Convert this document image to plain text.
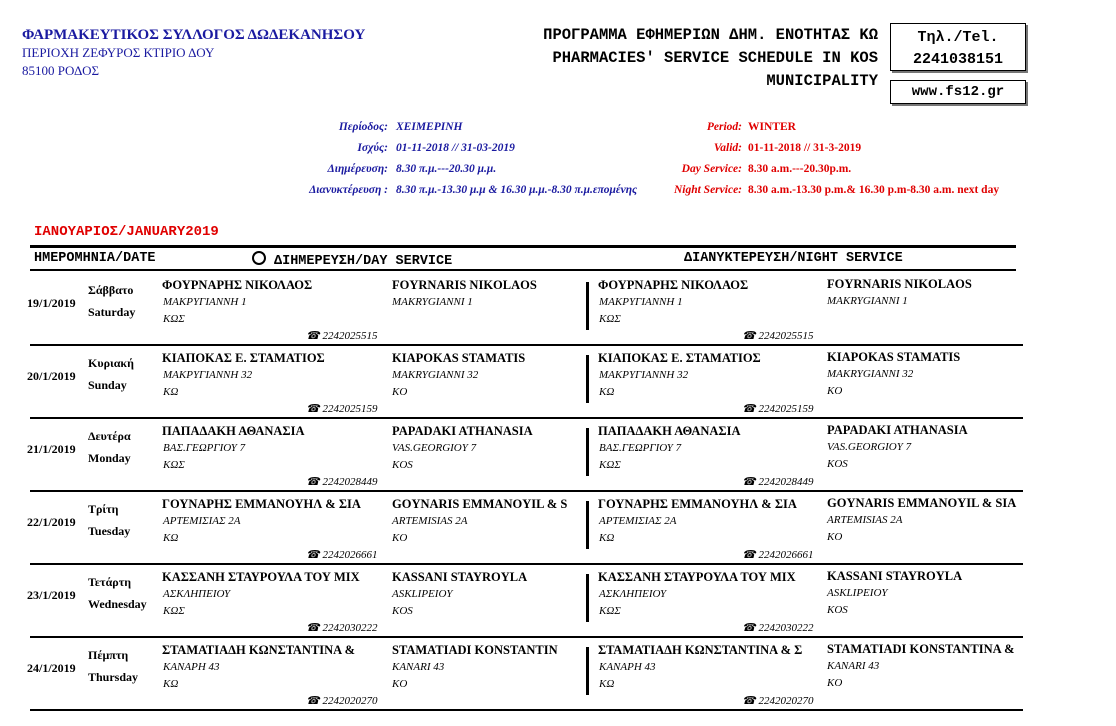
ΦΑΡΜΑΚΕΥΤΙΚΟΣ ΣΥΛΛΟΓΟΣ ΔΩΔΕΚΑΝΗΣΟΥ
ΠΕΡΙΟΧΗ ΖΕΦΥΡΟΣ ΚΤΙΡΙΟ ΔΟΥ
85100 ΡΟΔΟΣ
ΠΡΟΓΡΑΜΜΑ ΕΦΗΜΕΡΙΩΝ ΔΗΜ. ΕΝΟΤΗΤΑΣ ΚΩ
PHARMACIES' SERVICE SCHEDULE IN KOS
MUNICIPALITY
Τηλ./Tel.
2241038151
www.fs12.gr
Περίοδος:
Ισχύς:
Διημέρευση:
Διανυκτέρευση :
ΧΕΙΜΕΡΙΝΗ
01-11-2018 // 31-03-2019
8.30 π.μ.---20.30 μ.μ.
8.30 π.μ.-13.30 μ.μ & 16.30 μ.μ.-8.30 π.μ.επομένης
Period:
Valid:
Day Service:
Night Service:
WINTER
01-11-2018 // 31-3-2019
8.30 a.m.---20.30p.m.
8.30 a.m.-13.30 p.m.& 16.30 p.m-8.30 a.m. next day
ΙΑΝΟΥΑΡΙΟΣ/JANUARY2019
ΗΜΕΡΟΜΗΝΙΑ/DATE	ΔΙΗΜΕΡΕΥΣΗ/DAY SERVICE	ΔΙΑΝΥΚΤΕΡΕΥΣΗ/NIGHT SERVICE
19/1/2019
Σάββατο
Saturday
ΦΟΥΡΝΑΡΗΣ ΝΙΚΟΛΑΟΣ
ΜΑΚΡΥΓΙΑΝΝΗ 1
ΚΩΣ
FOYRNARIS NIKOLAOS
MAKRYGIANNI 1
☎ 2242025515
ΦΟΥΡΝΑΡΗΣ ΝΙΚΟΛΑΟΣ
ΜΑΚΡΥΓΙΑΝΝΗ 1
ΚΩΣ
FOYRNARIS NIKOLAOS
MAKRYGIANNI 1
☎ 2242025515
20/1/2019
Κυριακή
Sunday
ΚΙΑΠΟΚΑΣ Ε. ΣΤΑΜΑΤΙΟΣ
ΜΑΚΡΥΓΙΑΝΝΗ 32
ΚΩ
KIAPOKAS STAMATIS
MAKRYGIANNI 32
KO
☎ 2242025159
ΚΙΑΠΟΚΑΣ Ε. ΣΤΑΜΑΤΙΟΣ
ΜΑΚΡΥΓΙΑΝΝΗ 32
ΚΩ
KIAPOKAS STAMATIS
MAKRYGIANNI 32
KO
☎ 2242025159
21/1/2019
Δευτέρα
Monday
ΠΑΠΑΔΑΚΗ ΑΘΑΝΑΣΙΑ
ΒΑΣ.ΓΕΩΡΓΙΟΥ 7
ΚΩΣ
PAPADAKI ATHANASIA
VAS.GEORGIOY 7
KOS
☎ 2242028449
ΠΑΠΑΔΑΚΗ ΑΘΑΝΑΣΙΑ
ΒΑΣ.ΓΕΩΡΓΙΟΥ 7
ΚΩΣ
PAPADAKI ATHANASIA
VAS.GEORGIOY 7
KOS
☎ 2242028449
22/1/2019
Τρίτη
Tuesday
ΓΟΥΝΑΡΗΣ ΕΜΜΑΝΟΥΗΛ & ΣΙΑ
ΑΡΤΕΜΙΣΙΑΣ 2Α
ΚΩ
GOYNARIS EMMANOYIL & S
ARTEMISIAS 2A
KO
☎ 2242026661
ΓΟΥΝΑΡΗΣ ΕΜΜΑΝΟΥΗΛ & ΣΙΑ
ΑΡΤΕΜΙΣΙΑΣ 2Α
ΚΩ
GOYNARIS EMMANOYIL & SIA
ARTEMISIAS 2A
KO
☎ 2242026661
23/1/2019
Τετάρτη
Wednesday
ΚΑΣΣΑΝΗ ΣΤΑΥΡΟΥΛΑ ΤΟΥ ΜΙΧ
ΑΣΚΛΗΠΕΙΟΥ
ΚΩΣ
KASSANI STAYROYLA
ASKLIPEIOY
KOS
☎ 2242030222
ΚΑΣΣΑΝΗ ΣΤΑΥΡΟΥΛΑ ΤΟΥ ΜΙΧ
ΑΣΚΛΗΠΕΙΟΥ
ΚΩΣ
KASSANI STAYROYLA
ASKLIPEIOY
KOS
☎ 2242030222
24/1/2019
Πέμπτη
Thursday
ΣΤΑΜΑΤΙΑΔΗ ΚΩΝΣΤΑΝΤΙΝΑ &
ΚΑΝΑΡΗ 43
ΚΩ
STAMATIADI KONSTANTIN
KANARI 43
KO
☎ 2242020270
ΣΤΑΜΑΤΙΑΔΗ ΚΩΝΣΤΑΝΤΙΝΑ & Σ
ΚΑΝΑΡΗ 43
ΚΩ
STAMATIADI KONSTANTINA &
KANARI 43
KO
☎ 2242020270
